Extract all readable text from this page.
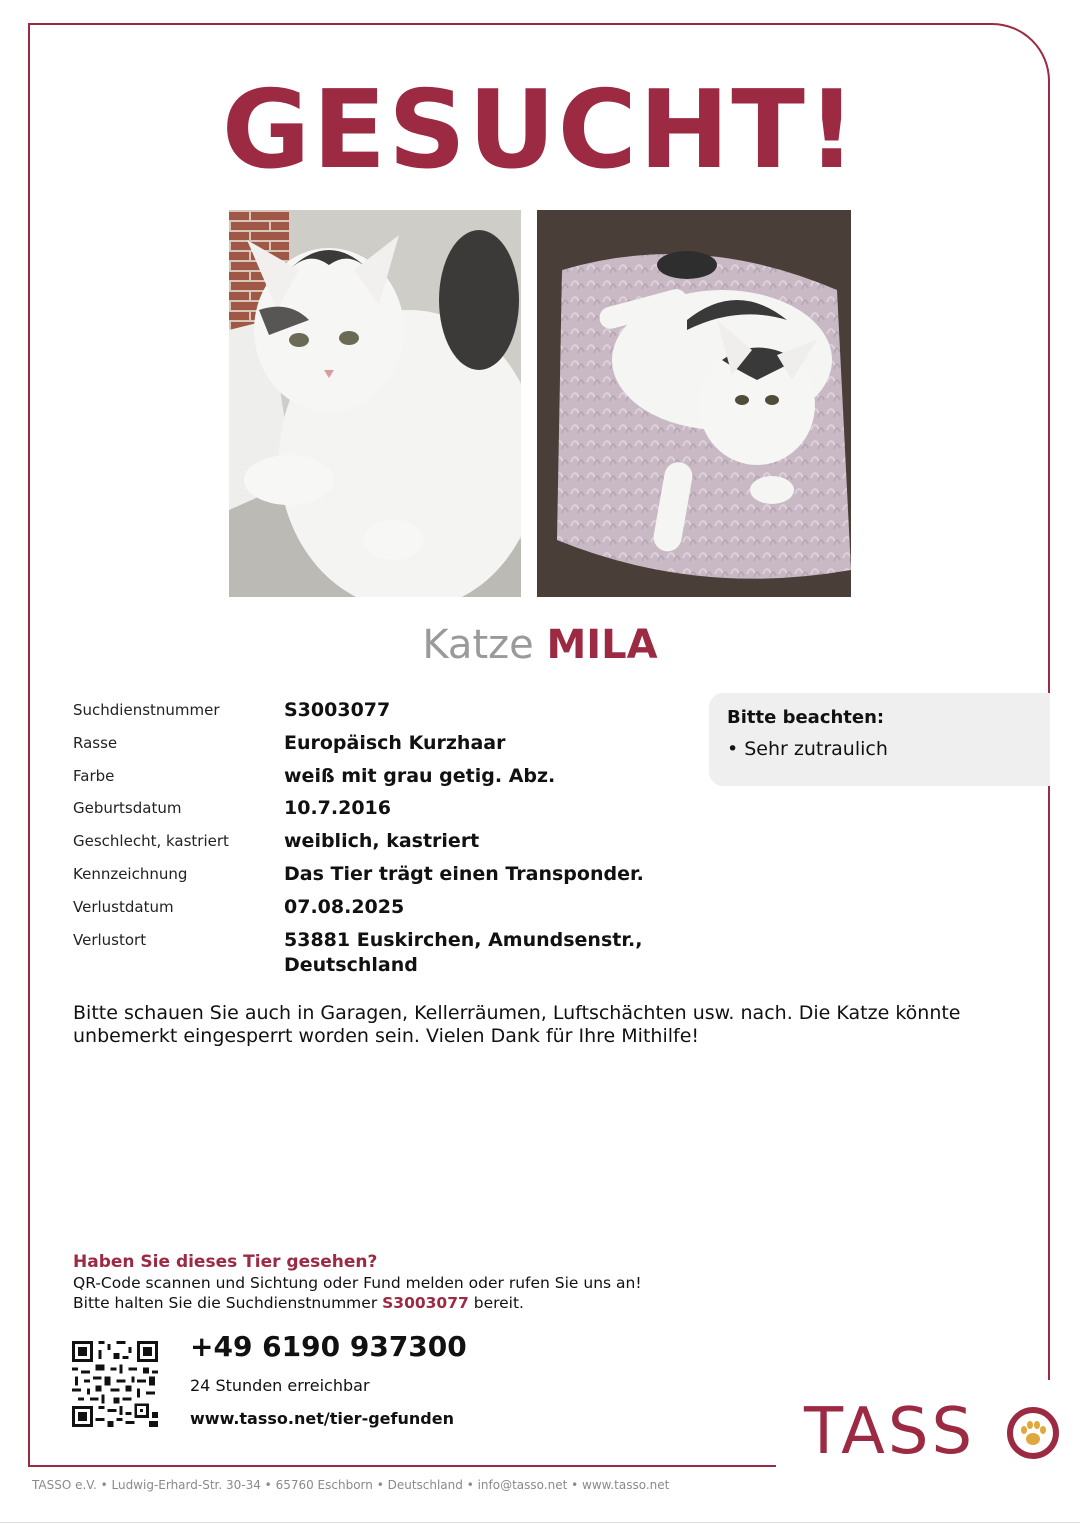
GESUCHT!
Katze MILA
Suchdienstnummer	S3003077
Rasse	Europäisch Kurzhaar
Farbe	weiß mit grau getig. Abz.
Geburtsdatum	10.7.2016
Geschlecht, kastriert	weiblich, kastriert
Kennzeichnung	Das Tier trägt einen Transponder.
Verlustdatum	07.08.2025
Verlustort	53881 Euskirchen, Amundsenstr.,
Deutschland
Bitte beachten:
• Sehr zutraulich
Bitte schauen Sie auch in Garagen, Kellerräumen, Luftschächten usw. nach. Die Katze könnte
unbemerkt eingesperrt worden sein. Vielen Dank für Ihre Mithilfe!
Haben Sie dieses Tier gesehen?
QR-Code scannen und Sichtung oder Fund melden oder rufen Sie uns an!
Bitte halten Sie die Suchdienstnummer S3003077 bereit.
+49 6190 937300
24 Stunden erreichbar
www.tasso.net/tier-gefunden	TASS
TASSO e.V. • Ludwig-Erhard-Str. 30-34 • 65760 Eschborn • Deutschland • info@tasso.net • www.tasso.net
